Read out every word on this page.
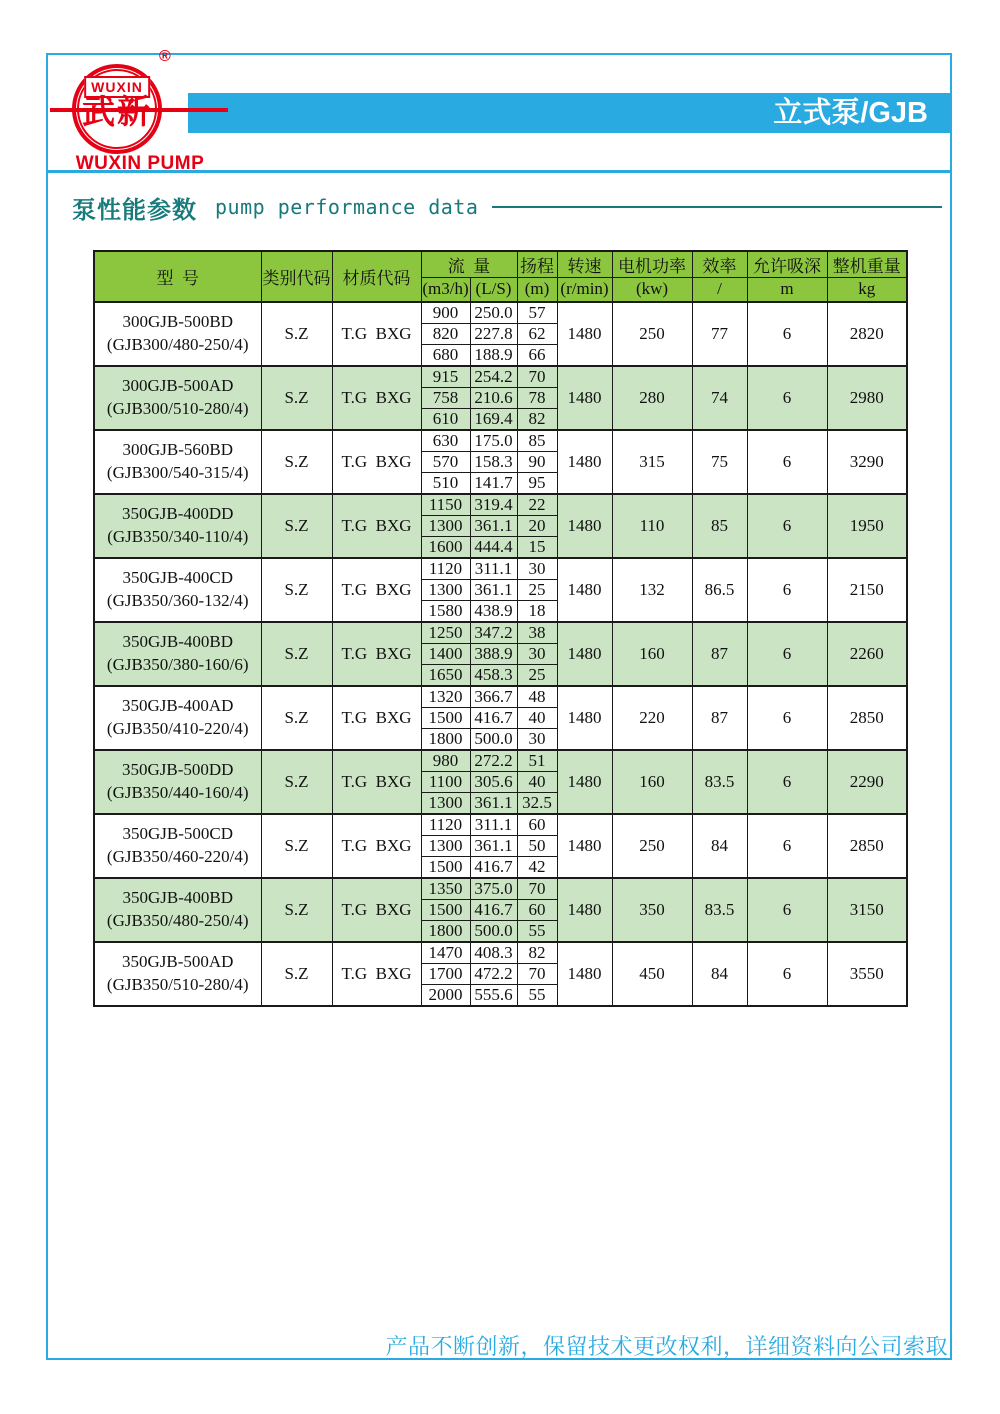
®
WUXIN
武新
WUXIN PUMP
立式泵/GJB
泵性能参数 pump performance data
型  号	类别代码	材质代码	流  量		扬程	转速	电机功率	效率	允许吸深	整机重量
			(m3/h)	(L/S)	(m)	(r/min)	(kw)	/	m	kg

300GJB-500BD
(GJB300/480-250/4)	S.Z	T.G  BXG	900	250.0	57	1480	250	77	6	2820
			820	227.8	62					
			680	188.9	66					

300GJB-500AD
(GJB300/510-280/4)	S.Z	T.G  BXG	915	254.2	70	1480	280	74	6	2980
			758	210.6	78					
			610	169.4	82					

300GJB-560BD
(GJB300/540-315/4)	S.Z	T.G  BXG	630	175.0	85	1480	315	75	6	3290
			570	158.3	90					
			510	141.7	95					

350GJB-400DD
(GJB350/340-110/4)	S.Z	T.G  BXG	1150	319.4	22	1480	110	85	6	1950
			1300	361.1	20					
			1600	444.4	15					

350GJB-400CD
(GJB350/360-132/4)	S.Z	T.G  BXG	1120	311.1	30	1480	132	86.5	6	2150
			1300	361.1	25					
			1580	438.9	18					

350GJB-400BD
(GJB350/380-160/6)	S.Z	T.G  BXG	1250	347.2	38	1480	160	87	6	2260
			1400	388.9	30					
			1650	458.3	25					

350GJB-400AD
(GJB350/410-220/4)	S.Z	T.G  BXG	1320	366.7	48	1480	220	87	6	2850
			1500	416.7	40					
			1800	500.0	30					

350GJB-500DD
(GJB350/440-160/4)	S.Z	T.G  BXG	980	272.2	51	1480	160	83.5	6	2290
			1100	305.6	40					
			1300	361.1	32.5					

350GJB-500CD
(GJB350/460-220/4)	S.Z	T.G  BXG	1120	311.1	60	1480	250	84	6	2850
			1300	361.1	50					
			1500	416.7	42					

350GJB-400BD
(GJB350/480-250/4)	S.Z	T.G  BXG	1350	375.0	70	1480	350	83.5	6	3150
			1500	416.7	60					
			1800	500.0	55					

350GJB-500AD
(GJB350/510-280/4)	S.Z	T.G  BXG	1470	408.3	82	1480	450	84	6	3550
			1700	472.2	70					
			2000	555.6	55					
产品不断创新，保留技术更改权利，详细资料向公司索取
